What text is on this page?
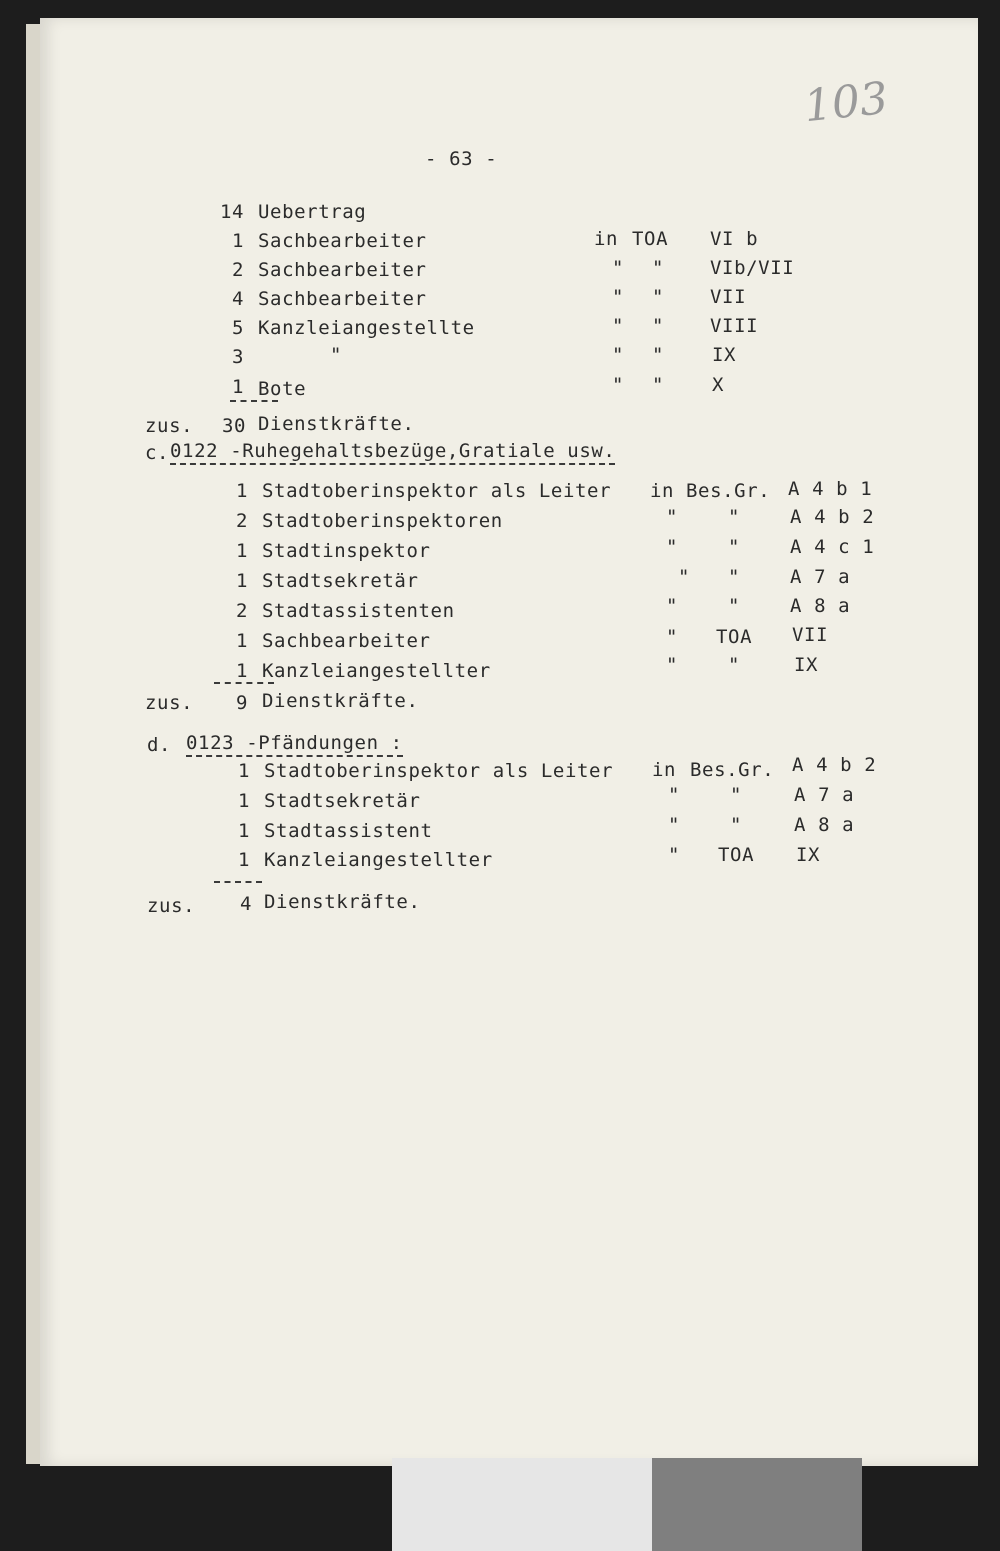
103
- 63 -
14 Uebertrag
1 Sachbearbeiter	in TOA VI b
2 Sachbearbeiter	" " VIb/VII
4 Sachbearbeiter	" " VII
5 Kanzleiangestellte	" " VIII
3	"	" "	IX
1 Bote	" "	X
zus. 30 Dienstkräfte.
c. 0122 -Ruhegehaltsbezüge,Gratiale usw.
1 Stadtoberinspektor als Leiter in Bes.Gr. A 4 b 1
2 Stadtoberinspektoren	"	"	A 4 b 2
1 Stadtinspektor	"	"	A 4 c 1
1 Stadtsekretär	" "	A 7 a
2 Stadtassistenten	"	"	A 8 a
1 Sachbearbeiter	" TOA VII
1 Kanzleiangestellter	"	"	IX
zus. 9 Dienstkräfte.
d. 0123 -Pfändungen :
1 Stadtoberinspektor als Leiter in Bes.Gr. A 4 b 2
1 Stadtsekretär	"	"	A 7 a
1 Stadtassistent	"	"	A 8 a
1 Kanzleiangestellter	" TOA IX
zus. 4 Dienstkräfte.
